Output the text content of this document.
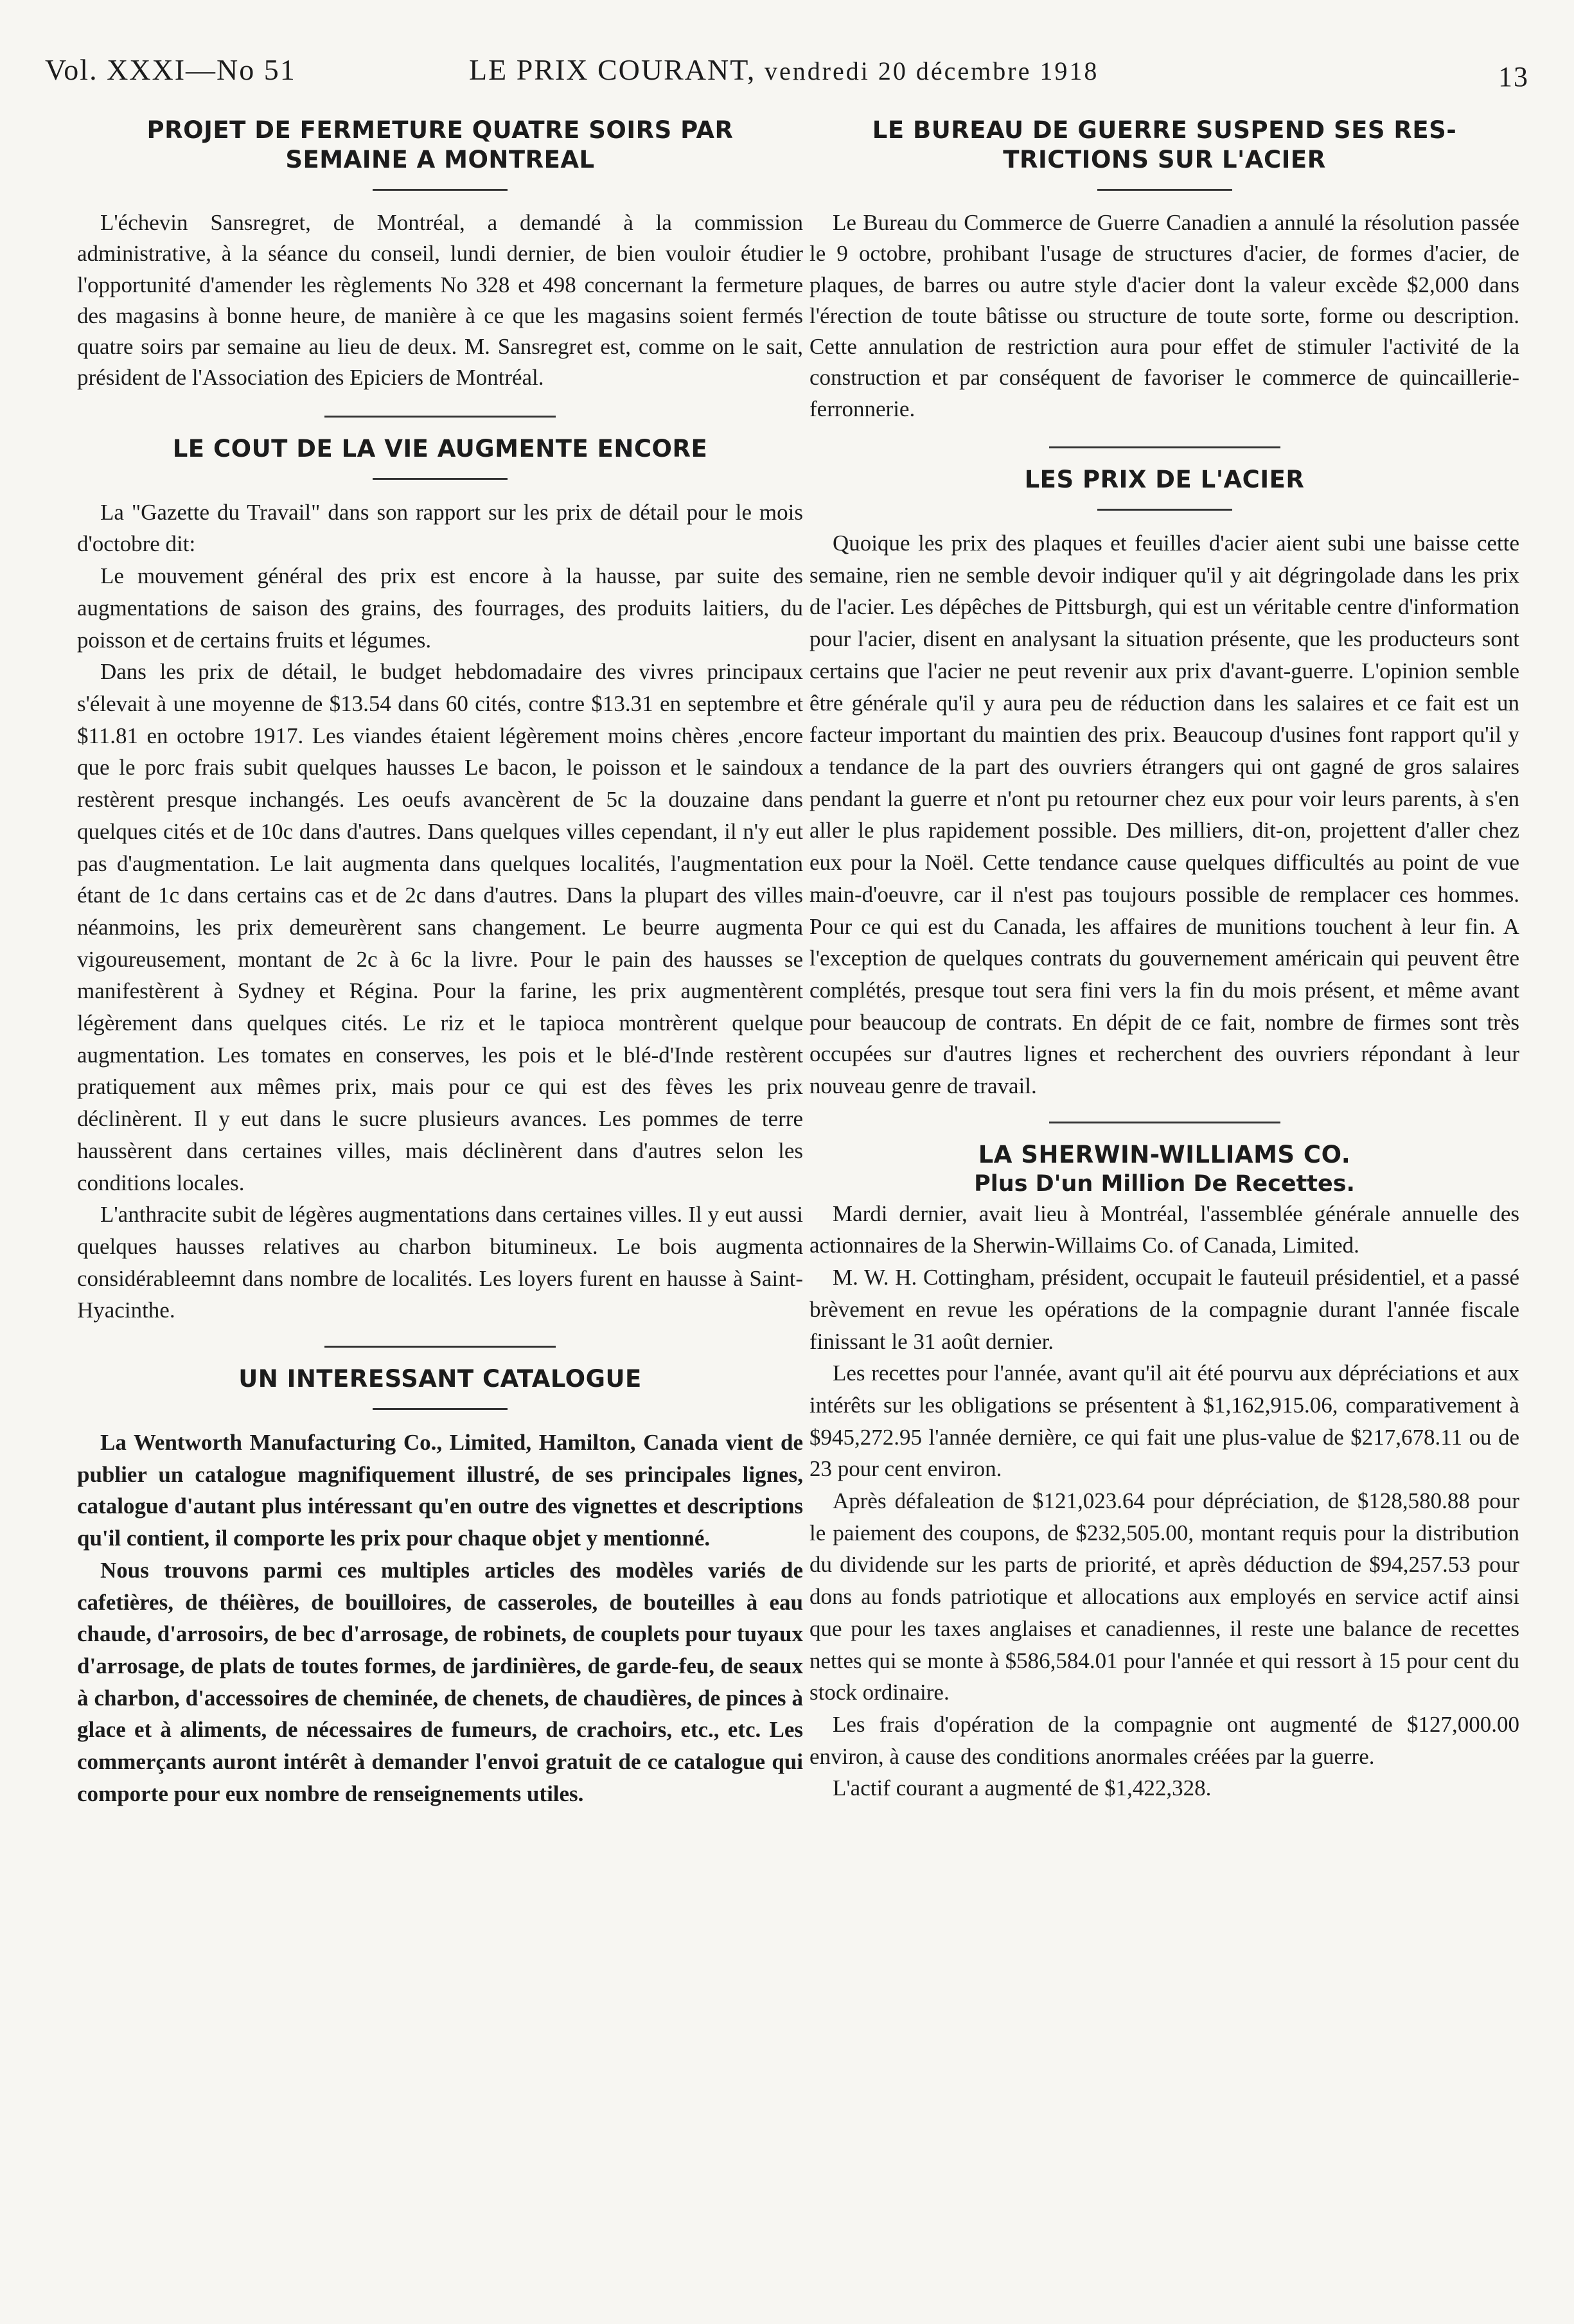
Vol. XXXI—No 51	LE PRIX COURANT, vendredi 20 décembre 1918	13
PROJET DE FERMETURE QUATRE SOIRS PAR
SEMAINE A MONTREAL

L'échevin Sansregret, de Montréal, a demandé à la commission administrative, à la séance du conseil, lundi dernier, de bien vouloir étudier l'opportunité d'amender les règlements No 328 et 498 concernant la fermeture des magasins à bonne heure, de manière à ce que les magasins soient fermés quatre soirs par semaine au lieu de deux. M. Sansregret est, comme on le sait, président de l'Association des Epiciers de Montréal.

LE COUT DE LA VIE AUGMENTE ENCORE

La "Gazette du Travail" dans son rapport sur les prix de détail pour le mois d'octobre dit:

Le mouvement général des prix est encore à la hausse, par suite des augmentations de saison des grains, des fourrages, des produits laitiers, du poisson et de certains fruits et légumes.

Dans les prix de détail, le budget hebdomadaire des vivres principaux s'élevait à une moyenne de $13.54 dans 60 cités, contre $13.31 en septembre et $11.81 en octobre 1917. Les viandes étaient légèrement moins chères ,encore que le porc frais subit quelques hausses Le bacon, le poisson et le saindoux restèrent presque inchangés. Les oeufs avancèrent de 5c la douzaine dans quelques cités et de 10c dans d'autres. Dans quelques villes cependant, il n'y eut pas d'augmentation. Le lait augmenta dans quelques localités, l'augmentation étant de 1c dans certains cas et de 2c dans d'autres. Dans la plupart des villes néanmoins, les prix demeurèrent sans changement. Le beurre augmenta vigoureusement, montant de 2c à 6c la livre. Pour le pain des hausses se manifestèrent à Sydney et Régina. Pour la farine, les prix augmentèrent légèrement dans quelques cités. Le riz et le tapioca montrèrent quelque augmentation. Les tomates en conserves, les pois et le blé-d'Inde restèrent pratiquement aux mêmes prix, mais pour ce qui est des fèves les prix déclinèrent. Il y eut dans le sucre plusieurs avances. Les pommes de terre haussèrent dans certaines villes, mais déclinèrent dans d'autres selon les conditions locales.

L'anthracite subit de légères augmentations dans certaines villes. Il y eut aussi quelques hausses relatives au charbon bitumineux. Le bois augmenta considérableemnt dans nombre de localités. Les loyers furent en hausse à Saint-Hyacinthe.

UN INTERESSANT CATALOGUE

La Wentworth Manufacturing Co., Limited, Hamilton, Canada vient de publier un catalogue magnifiquement illustré, de ses principales lignes, catalogue d'autant plus intéressant qu'en outre des vignettes et descriptions qu'il contient, il comporte les prix pour chaque objet y mentionné.

Nous trouvons parmi ces multiples articles des modèles variés de cafetières, de théières, de bouilloires, de casseroles, de bouteilles à eau chaude, d'arrosoirs, de bec d'arrosage, de robinets, de couplets pour tuyaux d'arrosage, de plats de toutes formes, de jardinières, de garde-feu, de seaux à charbon, d'accessoires de cheminée, de chenets, de chaudières, de pinces à glace et à aliments, de nécessaires de fumeurs, de crachoirs, etc., etc. Les commerçants auront intérêt à demander l'envoi gratuit de ce catalogue qui comporte pour eux nombre de renseignements utiles.

LE BUREAU DE GUERRE SUSPEND SES RES-
TRICTIONS SUR L'ACIER

Le Bureau du Commerce de Guerre Canadien a annulé la résolution passée le 9 octobre, prohibant l'usage de structures d'acier, de formes d'acier, de plaques, de barres ou autre style d'acier dont la valeur excède $2,000 dans l'érection de toute bâtisse ou structure de toute sorte, forme ou description. Cette annulation de restriction aura pour effet de stimuler l'activité de la construction et par conséquent de favoriser le commerce de quincaillerie-ferronnerie.

LES PRIX DE L'ACIER

Quoique les prix des plaques et feuilles d'acier aient subi une baisse cette semaine, rien ne semble devoir indiquer qu'il y ait dégringolade dans les prix de l'acier. Les dépêches de Pittsburgh, qui est un véritable centre d'information pour l'acier, disent en analysant la situation présente, que les producteurs sont certains que l'acier ne peut revenir aux prix d'avant-guerre. L'opinion semble être générale qu'il y aura peu de réduction dans les salaires et ce fait est un facteur important du maintien des prix. Beaucoup d'usines font rapport qu'il y a tendance de la part des ouvriers étrangers qui ont gagné de gros salaires pendant la guerre et n'ont pu retourner chez eux pour voir leurs parents, à s'en aller le plus rapidement possible. Des milliers, dit-on, projettent d'aller chez eux pour la Noël. Cette tendance cause quelques difficultés au point de vue main-d'oeuvre, car il n'est pas toujours possible de remplacer ces hommes. Pour ce qui est du Canada, les affaires de munitions touchent à leur fin. A l'exception de quelques contrats du gouvernement américain qui peuvent être complétés, presque tout sera fini vers la fin du mois présent, et même avant pour beaucoup de contrats. En dépit de ce fait, nombre de firmes sont très occupées sur d'autres lignes et recherchent des ouvriers répondant à leur nouveau genre de travail.

LA SHERWIN-WILLIAMS CO.
Plus D'un Million De Recettes.

Mardi dernier, avait lieu à Montréal, l'assemblée générale annuelle des actionnaires de la Sherwin-Willaims Co. of Canada, Limited.

M. W. H. Cottingham, président, occupait le fauteuil présidentiel, et a passé brèvement en revue les opérations de la compagnie durant l'année fiscale finissant le 31 août dernier.

Les recettes pour l'année, avant qu'il ait été pourvu aux dépréciations et aux intérêts sur les obligations se présentent à $1,162,915.06, comparativement à $945,272.95 l'année dernière, ce qui fait une plus-value de $217,678.11 ou de 23 pour cent environ.

Après défaleation de $121,023.64 pour dépréciation, de $128,580.88 pour le paiement des coupons, de $232,505.00, montant requis pour la distribution du dividende sur les parts de priorité, et après déduction de $94,257.53 pour dons au fonds patriotique et allocations aux employés en service actif ainsi que pour les taxes anglaises et canadiennes, il reste une balance de recettes nettes qui se monte à $586,584.01 pour l'année et qui ressort à 15 pour cent du stock ordinaire.

Les frais d'opération de la compagnie ont augmenté de $127,000.00 environ, à cause des conditions anormales créées par la guerre.

L'actif courant a augmenté de $1,422,328.
